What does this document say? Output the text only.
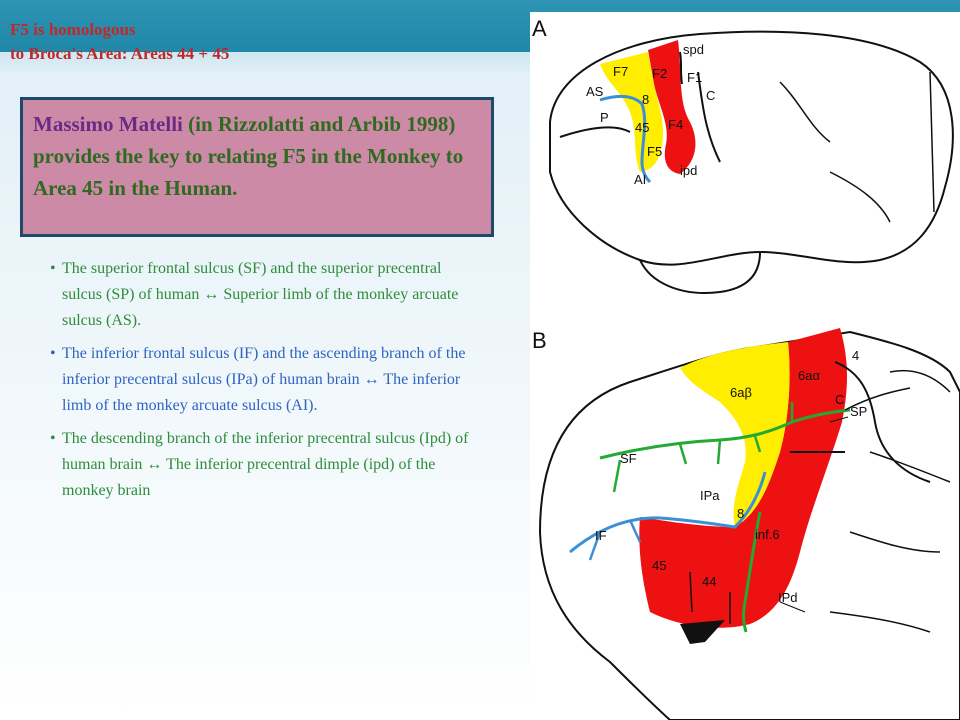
F5 is homologous
to Broca's Area: Areas 44 + 45
Massimo Matelli (in Rizzolatti and Arbib 1998) provides the key to relating F5 in the Monkey to Area 45 in the Human.
• The superior frontal sulcus (SF) and the superior precentral sulcus (SP) of human ↔ Superior limb of the monkey arcuate sulcus (AS).
• The inferior frontal sulcus (IF) and the ascending branch of the inferior precentral sulcus (IPa) of human brain ↔ The inferior limb of the monkey arcuate sulcus (AI).
• The descending branch of the inferior precentral sulcus (Ipd) of human brain ↔ The inferior precentral dimple (ipd) of the monkey brain
A
F7 F2 F1
spd
AS
8	C
P
45 F4
F5
AI
ipd
B
4
6aβ
6aα
C
SP
SF
IPa
8
IF	inf.6
45
44
IPd
